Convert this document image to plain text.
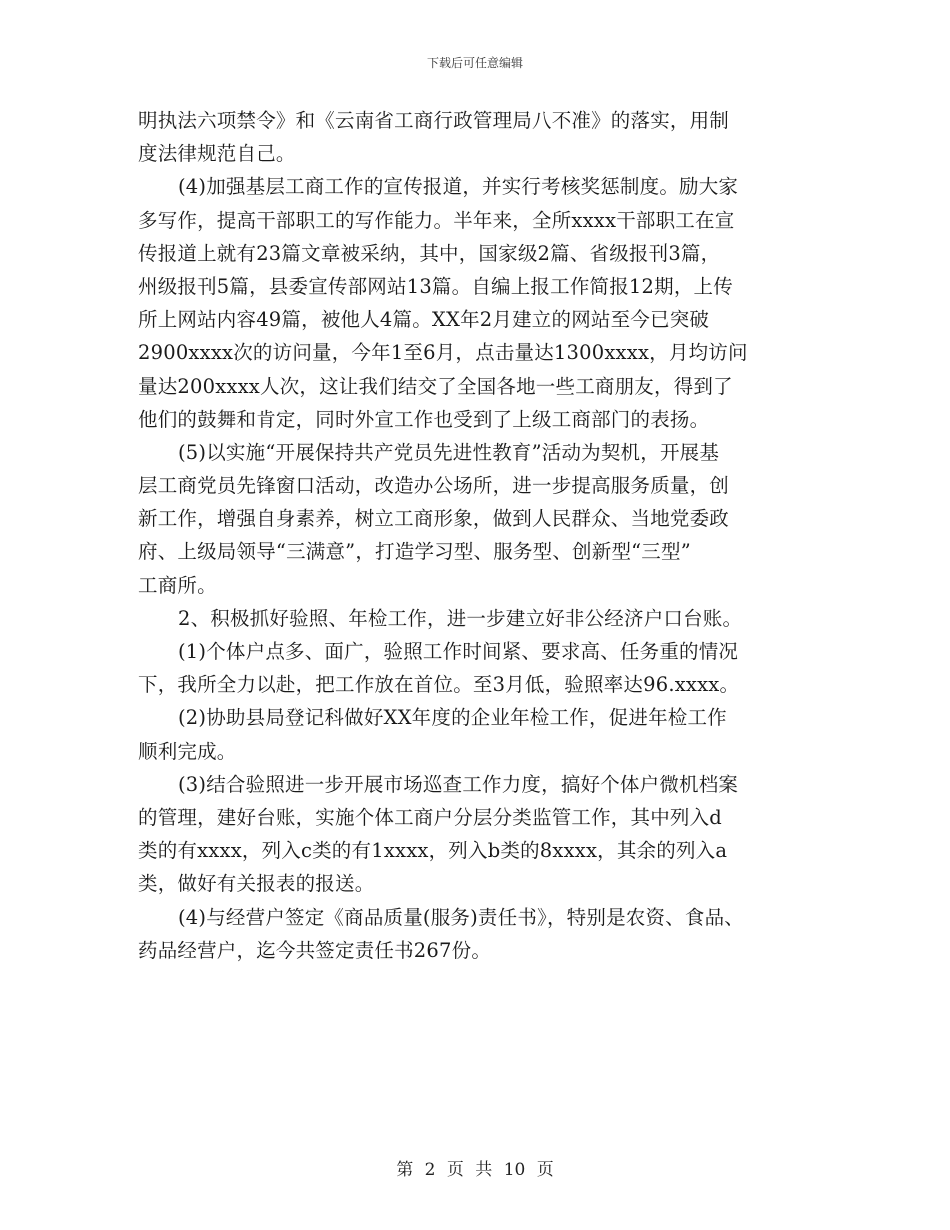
下载后可任意编辑
明执法六项禁令》和《云南省工商行政管理局八不准》的落实，用制
度法律规范自己。
(4)加强基层工商工作的宣传报道，并实行考核奖惩制度。励大家
多写作，提高干部职工的写作能力。半年来，全所xxxx干部职工在宣
传报道上就有23篇文章被采纳，其中，国家级2篇、省级报刊3篇，
州级报刊5篇，县委宣传部网站13篇。自编上报工作简报12期，上传
所上网站内容49篇，被他人4篇。XX年2月建立的网站至今已突破
2900xxxx次的访问量，今年1至6月，点击量达1300xxxx，月均访问
量达200xxxx人次，这让我们结交了全国各地一些工商朋友，得到了
他们的鼓舞和肯定，同时外宣工作也受到了上级工商部门的表扬。
(5)以实施“开展保持共产党员先进性教育”活动为契机，开展基
层工商党员先锋窗口活动，改造办公场所，进一步提高服务质量，创
新工作，增强自身素养，树立工商形象，做到人民群众、当地党委政
府、上级局领导“三满意”，打造学习型、服务型、创新型“三型”
工商所。
2、积极抓好验照、年检工作，进一步建立好非公经济户口台账。
(1)个体户点多、面广，验照工作时间紧、要求高、任务重的情况
下，我所全力以赴，把工作放在首位。至3月低，验照率达96.xxxx。
(2)协助县局登记科做好XX年度的企业年检工作，促进年检工作
顺利完成。
(3)结合验照进一步开展市场巡查工作力度，搞好个体户微机档案
的管理，建好台账，实施个体工商户分层分类监管工作，其中列入d
类的有xxxx，列入c类的有1xxxx，列入b类的8xxxx，其余的列入a
类，做好有关报表的报送。
(4)与经营户签定《商品质量(服务)责任书》，特别是农资、食品、
药品经营户，迄今共签定责任书267份。
第 2 页 共 10 页
